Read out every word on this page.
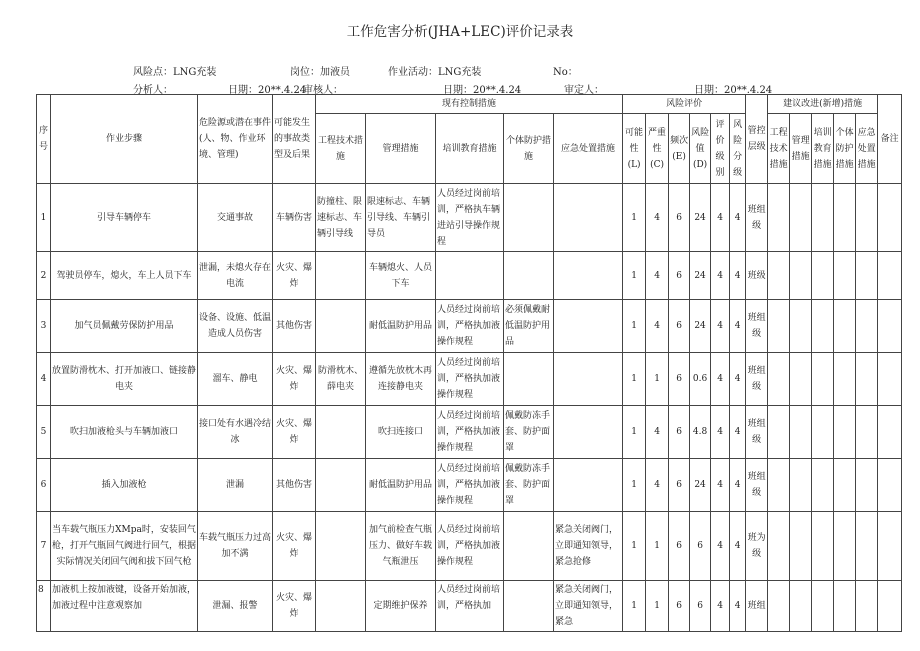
工作危害分析(JHA+LEC)评价记录表
风险点：LNG充装	岗位：加液员	作业活动：LNG充装	No：
分析人：	日期：20**.4.24
审核人：	日期：20**.4.24	审定人：	日期：20**.4.24
序号	作业步骤	危险源或潜在事件(人、物、作业环境、管理)	可能发生的事故类型及后果	现有控制措施					风险评价						管控层级	建议改进(新增)措施					备注
				工程技术措施	管理措施	培训教育措施	个体防护措施	应急处置措施	可能性(L)	严重性(C)	频次(E)	风险值(D)	评价级别	风险分级		工程技术措施	管理措施	培训教育措施	个体防护措施	应急处置措施	
1	引导车辆停车	交通事故	车辆伤害	防撞柱、限速标志、车辆引导线	限速标志、车辆引导线、车辆引导员	人员经过岗前培训，严格执车辆进站引导操作规程			1	4	6	24	4	4	班组级						
2	驾驶员停车，熄火，车上人员下车	泄漏，未熄火存在电流	火灾、爆炸		车辆熄火、人员下车				1	4	6	24	4	4	班级						
3	加气员佩戴劳保防护用品	设备、设施、低温造成人员伤害	其他伤害		耐低温防护用品	人员经过岗前培训，严格执加液操作规程	必须佩戴耐低温防护用品		1	4	6	24	4	4	班组级						
4	放置防滑枕木、打开加液口、链接静电夹	溜车、静电	火灾、爆炸	防滑枕木、薛电夹	遵循先放枕木再连接静电夹	人员经过岗前培训，严格执加液操作规程			1	1	6	0.6	4	4	班组级						
5	吹扫加液枪头与车辆加液口	接口处有水遇冷结冰	火灾、爆炸		吹扫连接口	人员经过岗前培训，严格执加液操作规程	佩戴防冻手套、防护面罩		1	4	6	4.8	4	4	班组级						
6	插入加液枪	泄漏	其他伤害		耐低温防护用品	人员经过岗前培训，严格执加液操作规程	佩戴防冻手套、防护面罩		1	4	6	24	4	4	班组级						
7	当车载气瓶压力XMpa时，安装回气枪，打开气瓶回气阀进行回气，根据实际情况关闭回气阀和拔下回气枪	车载气瓶压力过高加不满	火灾、爆炸		加气前检查气瓶压力、做好车载气瓶泄压	人员经过岗前培训，严格执加液操作规程		紧急关闭阀门，立即通知领导，紧急抢修	1	1	6	6	4	4	班为级						
8	加液机上按加液键，设备开始加液，加液过程中注意观察加	泄漏、报警	火灾、爆炸		定期维护保养	人员经过岗前培训，严格执加		紧急关闭阀门，立即通知领导，紧急	1	1	6	6	4	4	班组						
